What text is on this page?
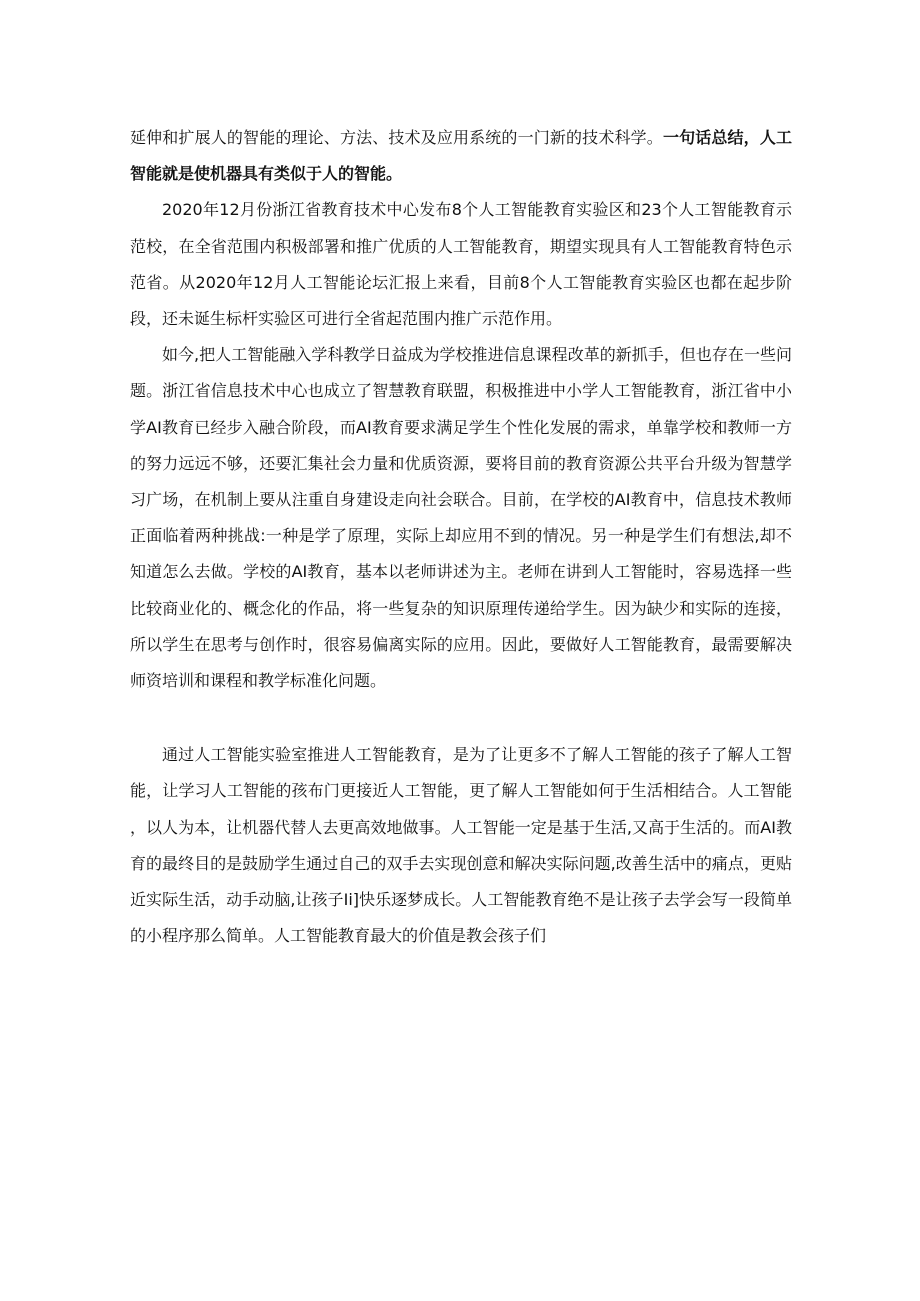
延伸和扩展人的智能的理论、方法、技术及应用系统的一门新的技术科学。一句话总结，人工智能就是使机器具有类似于人的智能。

2020年12月份浙江省教育技术中心发布8个人工智能教育实验区和23个人工智能教育示范校，在全省范围内积极部署和推广优质的人工智能教育，期望实现具有人工智能教育特色示范省。从2020年12月人工智能论坛汇报上来看，目前8个人工智能教育实验区也都在起步阶段，还未诞生标杆实验区可进行全省起范围内推广示范作用。

如今,把人工智能融入学科教学日益成为学校推进信息课程改革的新抓手，但也存在一些问题。浙江省信息技术中心也成立了智慧教育联盟，积极推进中小学人工智能教育，浙江省中小学AI教育已经步入融合阶段，而AI教育要求满足学生个性化发展的需求，单靠学校和教师一方的努力远远不够，还要汇集社会力量和优质资源，要将目前的教育资源公共平台升级为智慧学习广场，在机制上要从注重自身建设走向社会联合。目前，在学校的AI教育中，信息技术教师正面临着两种挑战:一种是学了原理，实际上却应用不到的情况。另一种是学生们有想法,却不知道怎么去做。学校的AI教育，基本以老师讲述为主。老师在讲到人工智能时，容易选择一些比较商业化的、概念化的作品，将一些复杂的知识原理传递给学生。因为缺少和实际的连接，所以学生在思考与创作时，很容易偏离实际的应用。因此，要做好人工智能教育，最需要解决师资培训和课程和教学标准化问题。

通过人工智能实验室推进人工智能教育，是为了让更多不了解人工智能的孩子了解人工智能，让学习人工智能的孩布门更接近人工智能，更了解人工智能如何于生活相结合。人工智能，以人为本，让机器代替人去更高效地做事。人工智能一定是基于生活,又高于生活的。而AI教育的最终目的是鼓励学生通过自己的双手去实现创意和解决实际问题,改善生活中的痛点，更贴近实际生活，动手动脑,让孩子Ii]快乐逐梦成长。人工智能教育绝不是让孩子去学会写一段简单的小程序那么简单。人工智能教育最大的价值是教会孩子们
